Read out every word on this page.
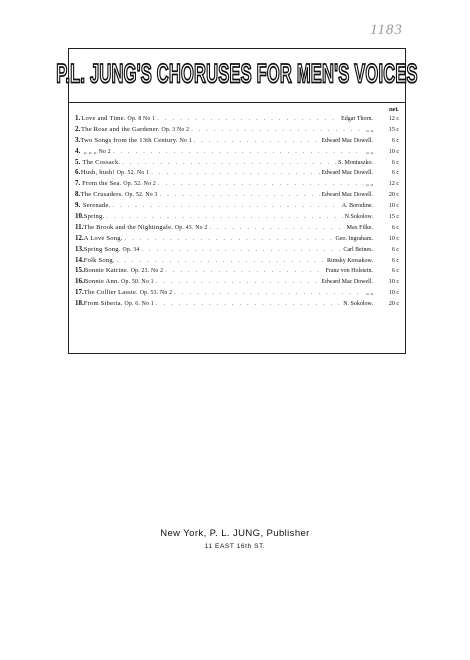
1183
P.L. JUNG'S CHORUSES FOR MEN'S VOICES
net.
1. Love and Time. Op. 8 No 1 . . .	Edgar Thorn.	12 c
2. The Rose and the Gardener. Op. 3 No 2 . . .	„ „	15 c
3. Two Songs from the 13th Century. No 1 . . .	Edward Mac Dowell.	6 c
4. „ „ „ No 2 . . .	„ „	10 c
5. The Cossack. . . .	S. Moniuszko.	6 c
6. Hush, hush! Op. 52. No 1 . . .	Edward Mac Dowell.	6 c
7. From the Sea. Op. 52. No 2 . . .	„ „	12 c
8. The Crusaders. Op. 52. No 3 . . .	Edward Mac Dowell.	20 c
9. Serenade. . . .	A. Borodine.	10 c
10. Spring. . . .	N.Sokolow.	15 c
11. The Brook and the Nightingale. Op. 43. No 2 . . .	Max Filke.	6 c
12. A Love Song. . . .	Geo. Ingraham.	10 c
13. Spring Song. Op. 34 . . .	Carl Beines.	6 c
14. Folk Song. . . .	Rimsky Korsakow.	6 c
15. Bonnie Katrine. Op. 23. No 2 . . .	Franz von Holstein.	6 c
16. Bonnie Ann. Op. 50. No 1 . . .	Edward Mac Dowell.	10 c
17. The Collier Lassie. Op. 53. No 2 . . .	„ „	10 c
18. From Siberia. Op. 6. No 1 . . .	N. Sokolow.	20 c
New York, P. L. JUNG, Publisher
11 EAST 16th ST.
